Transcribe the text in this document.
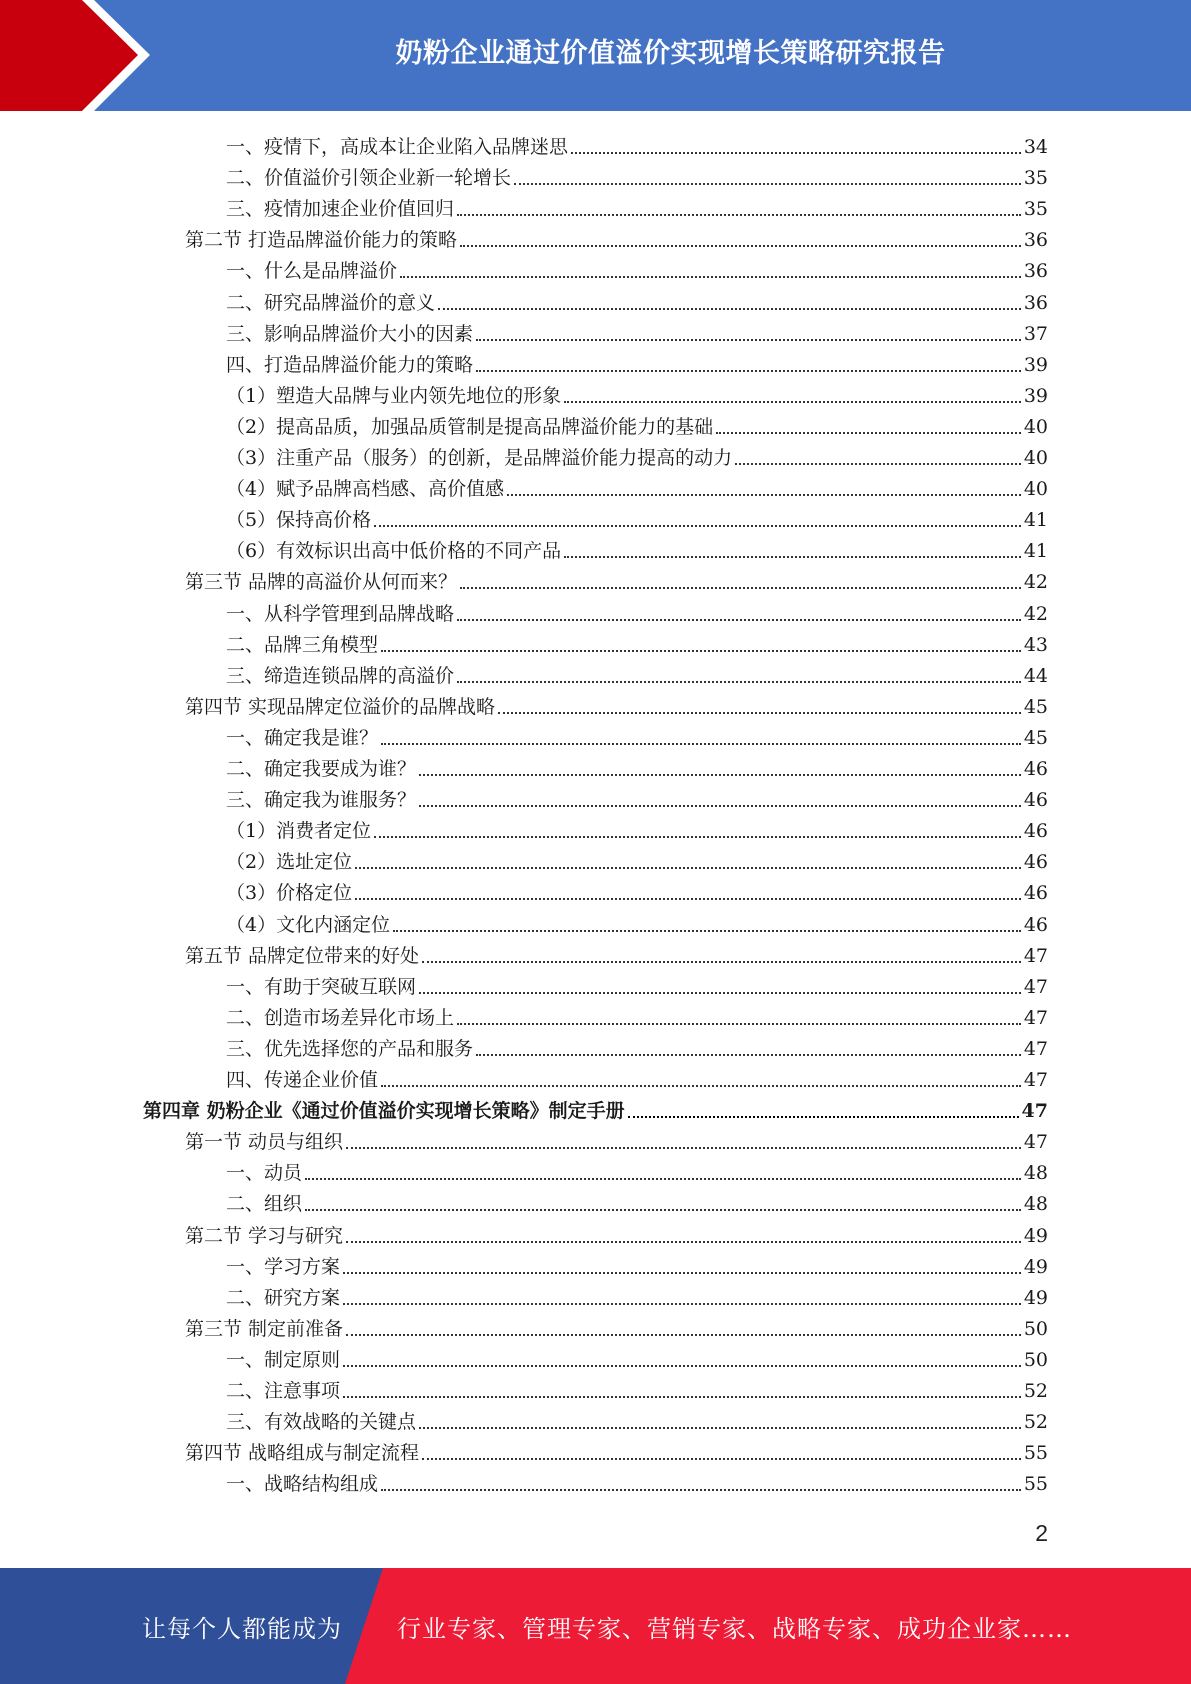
奶粉企业通过价值溢价实现增长策略研究报告
一、疫情下，高成本让企业陷入品牌迷思	34
二、价值溢价引领企业新一轮增长	35
三、疫情加速企业价值回归	35
第二节 打造品牌溢价能力的策略	36
一、什么是品牌溢价	36
二、研究品牌溢价的意义	36
三、影响品牌溢价大小的因素	37
四、打造品牌溢价能力的策略	39
（1）塑造大品牌与业内领先地位的形象	39
（2）提高品质，加强品质管制是提高品牌溢价能力的基础	40
（3）注重产品（服务）的创新，是品牌溢价能力提高的动力	40
（4）赋予品牌高档感、高价值感	40
（5）保持高价格	41
（6）有效标识出高中低价格的不同产品	41
第三节 品牌的高溢价从何而来？	42
一、从科学管理到品牌战略	42
二、品牌三角模型	43
三、缔造连锁品牌的高溢价	44
第四节 实现品牌定位溢价的品牌战略	45
一、确定我是谁？	45
二、确定我要成为谁？	46
三、确定我为谁服务？	46
（1）消费者定位	46
（2）选址定位	46
（3）价格定位	46
（4）文化内涵定位	46
第五节 品牌定位带来的好处	47
一、有助于突破互联网	47
二、创造市场差异化市场上	47
三、优先选择您的产品和服务	47
四、传递企业价值	47
第四章 奶粉企业《通过价值溢价实现增长策略》制定手册	47
第一节 动员与组织	47
一、动员	48
二、组织	48
第二节 学习与研究	49
一、学习方案	49
二、研究方案	49
第三节 制定前准备	50
一、制定原则	50
二、注意事项	52
三、有效战略的关键点	52
第四节 战略组成与制定流程	55
一、战略结构组成	55
2
让每个人都能成为 行业专家、管理专家、营销专家、战略专家、成功企业家……
